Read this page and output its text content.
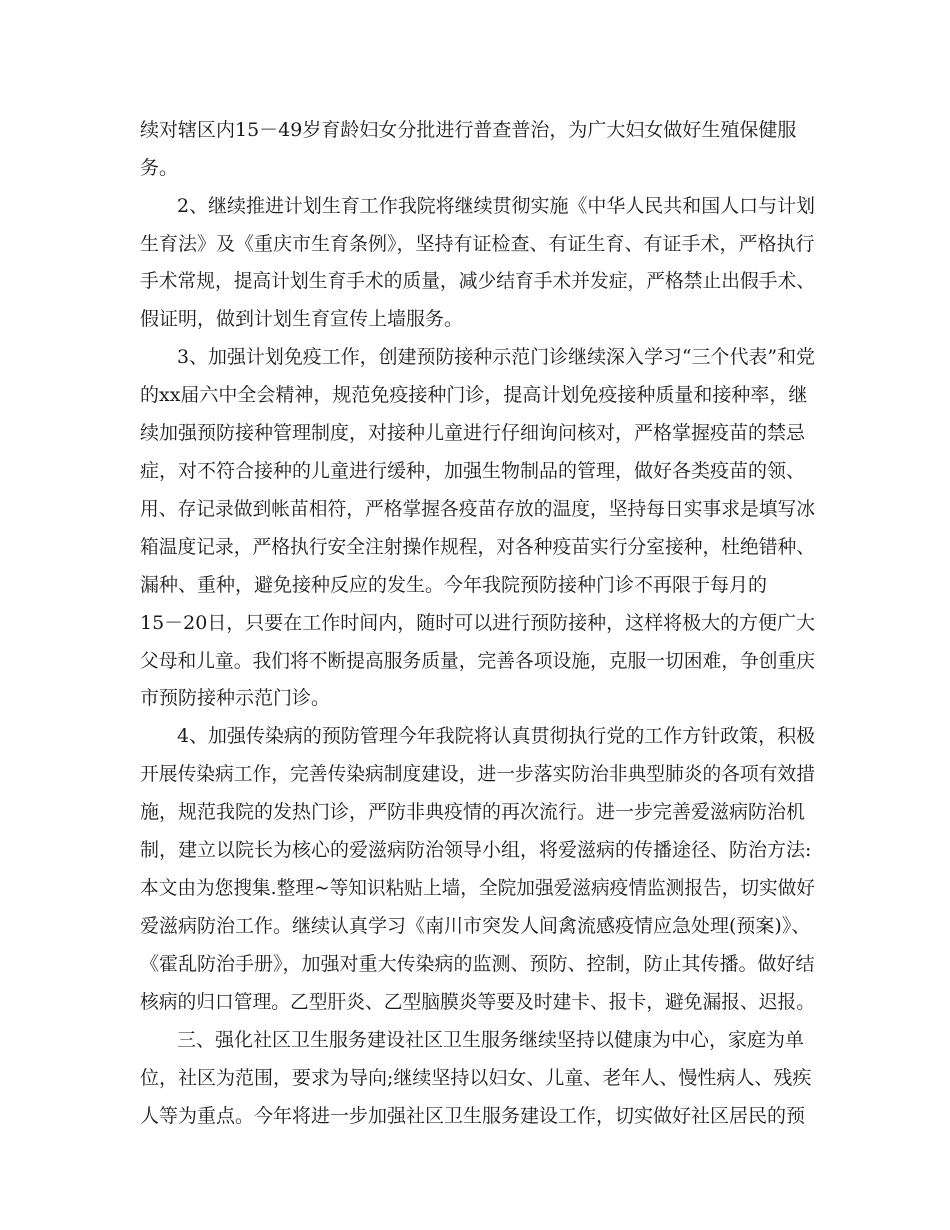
续对辖区内15－49岁育龄妇女分批进行普查普治，为广大妇女做好生殖保健服
务。
2、继续推进计划生育工作我院将继续贯彻实施《中华人民共和国人口与计划
生育法》及《重庆市生育条例》，坚持有证检查、有证生育、有证手术，严格执行
手术常规，提高计划生育手术的质量，减少结育手术并发症，严格禁止出假手术、
假证明，做到计划生育宣传上墙服务。
3、加强计划免疫工作，创建预防接种示范门诊继续深入学习“三个代表”和党
的xx届六中全会精神，规范免疫接种门诊，提高计划免疫接种质量和接种率，继
续加强预防接种管理制度，对接种儿童进行仔细询问核对，严格掌握疫苗的禁忌
症，对不符合接种的儿童进行缓种，加强生物制品的管理，做好各类疫苗的领、
用、存记录做到帐苗相符，严格掌握各疫苗存放的温度，坚持每日实事求是填写冰
箱温度记录，严格执行安全注射操作规程，对各种疫苗实行分室接种，杜绝错种、
漏种、重种，避免接种反应的发生。今年我院预防接种门诊不再限于每月的
15－20日，只要在工作时间内，随时可以进行预防接种，这样将极大的方便广大
父母和儿童。我们将不断提高服务质量，完善各项设施，克服一切困难，争创重庆
市预防接种示范门诊。
4、加强传染病的预防管理今年我院将认真贯彻执行党的工作方针政策，积极
开展传染病工作，完善传染病制度建设，进一步落实防治非典型肺炎的各项有效措
施，规范我院的发热门诊，严防非典疫情的再次流行。进一步完善爱滋病防治机
制，建立以院长为核心的爱滋病防治领导小组，将爱滋病的传播途径、防治方法:
本文由为您搜集.整理~等知识粘贴上墙，全院加强爱滋病疫情监测报告，切实做好
爱滋病防治工作。继续认真学习《南川市突发人间禽流感疫情应急处理(预案)》、
《霍乱防治手册》，加强对重大传染病的监测、预防、控制，防止其传播。做好结
核病的归口管理。乙型肝炎、乙型脑膜炎等要及时建卡、报卡，避免漏报、迟报。
三、强化社区卫生服务建设社区卫生服务继续坚持以健康为中心，家庭为单
位，社区为范围，要求为导向;继续坚持以妇女、儿童、老年人、慢性病人、残疾
人等为重点。今年将进一步加强社区卫生服务建设工作，切实做好社区居民的预
